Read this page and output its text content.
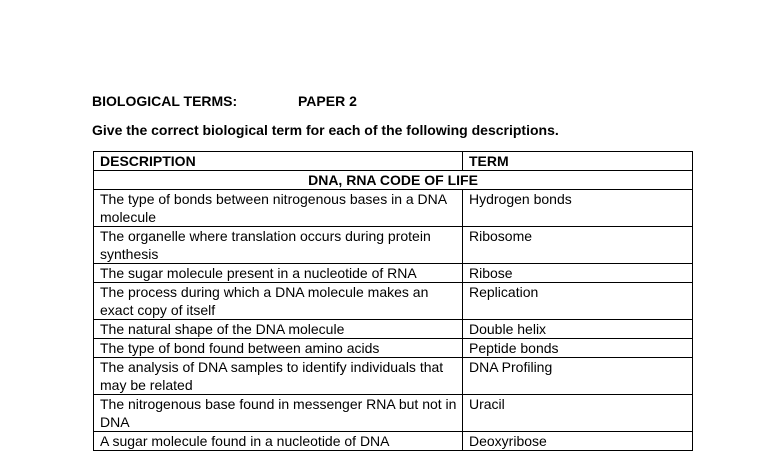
BIOLOGICAL TERMS:	PAPER 2
Give the correct biological term for each of the following descriptions.
DESCRIPTION	TERM
DNA, RNA CODE OF LIFE	
The type of bonds between nitrogenous bases in a DNA molecule	Hydrogen bonds
The organelle where translation occurs during protein synthesis	Ribosome
The sugar molecule present in a nucleotide of RNA	Ribose
The process during which a DNA molecule makes an exact copy of itself	Replication
The natural shape of the DNA molecule	Double helix
The type of bond found between amino acids	Peptide bonds
The analysis of DNA samples to identify individuals that may be related	DNA Profiling
The nitrogenous base found in messenger RNA but not in DNA	Uracil
A sugar molecule found in a nucleotide of DNA	Deoxyribose
